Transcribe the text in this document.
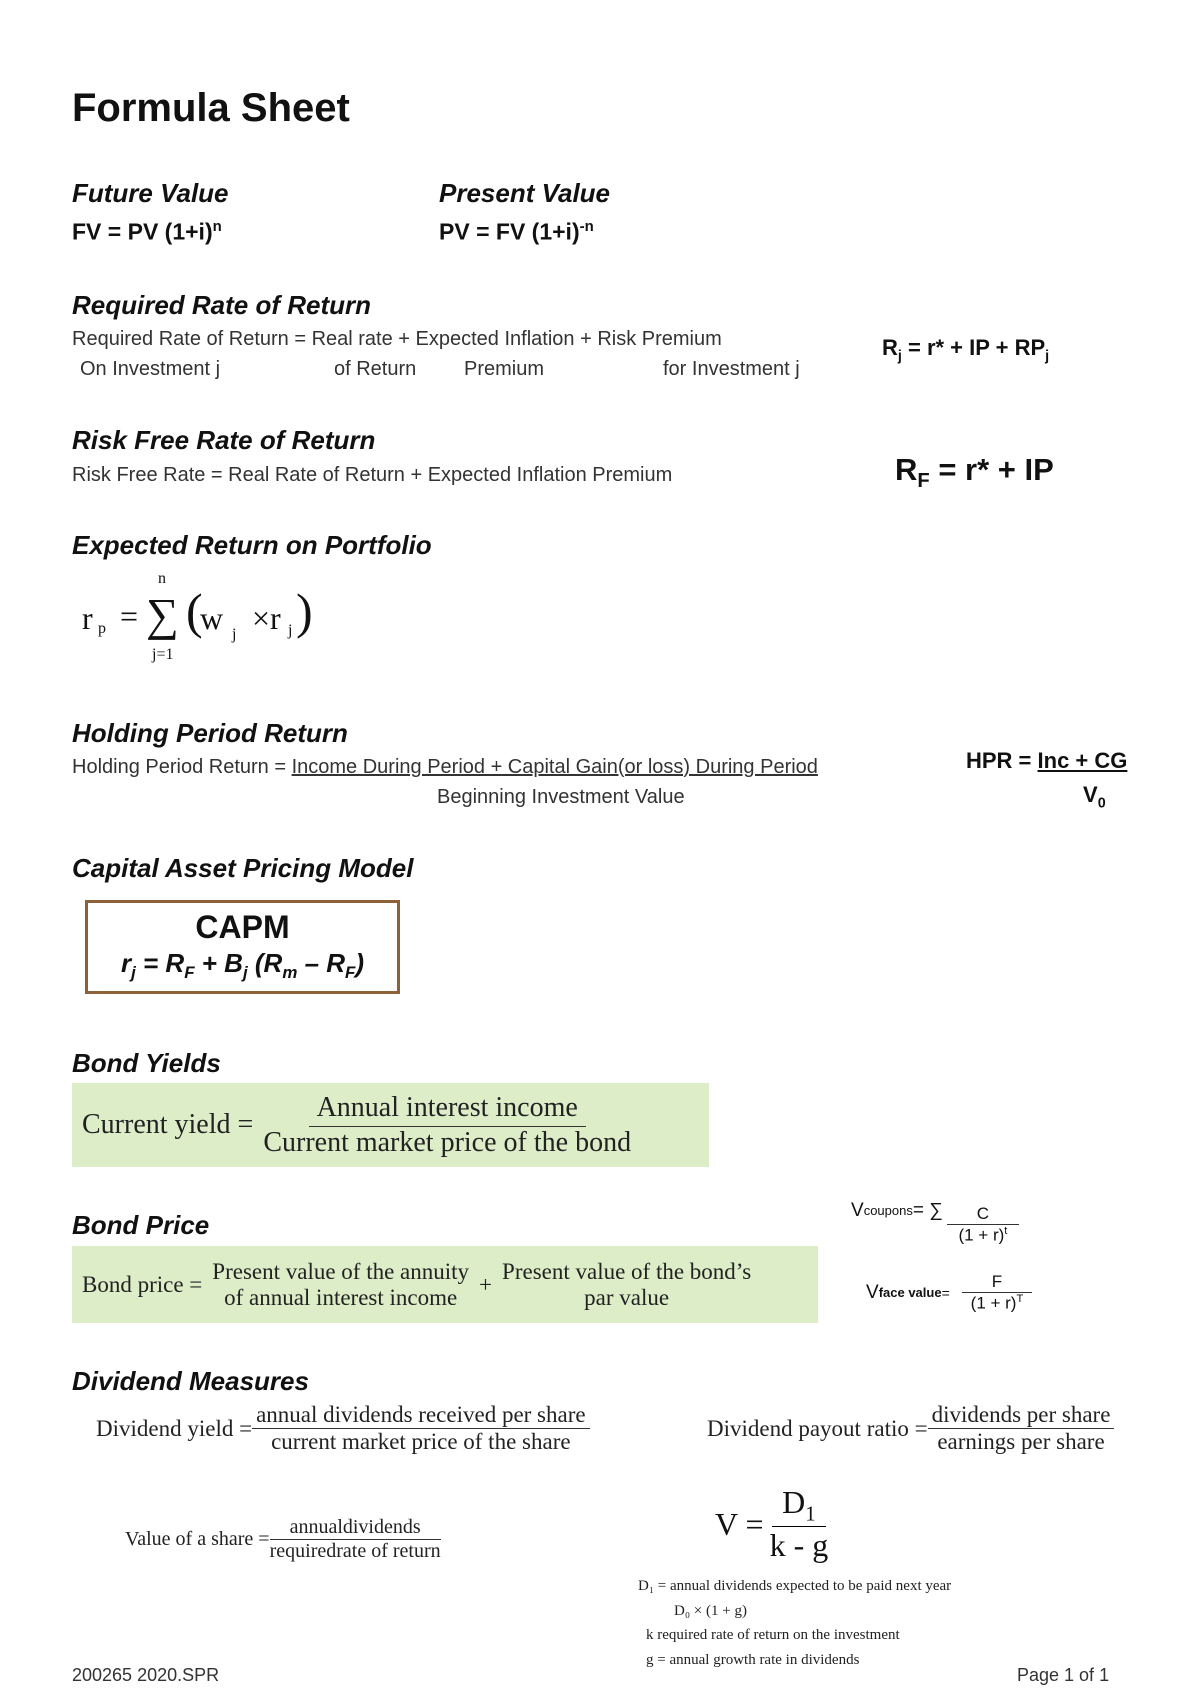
Formula Sheet
Future Value
FV = PV $(1+i)^n$
Present Value
PV = FV $(1+i)^{-n}$
Required Rate of Return
Required Rate of Return = Real rate + Expected Inflation + Risk Premium
On Investment j	of Return Premium	for Investment j
$R_j = r*$ + IP + $RP_j$
Risk Free Rate of Return
Risk Free Rate = Real Rate of Return + Expected Inflation Premium	$R_F = r*$ + IP
Expected Return on Portfolio
r p = ∑
n
j=1
(
w j ×r j )
Holding Period Return
Holding Period Return = Income During Period + Capital Gain(or loss) During Period
Beginning Investment Value
HPR = Inc + CG
$V_0$
Capital Asset Pricing Model
CAPM
$r_j = R_F + B_j$ $(R_m - R_F)$
Bond Yields
Current yield = $\frac{\text{Annual interest income}}{\text{Current market price of the bond}}$
Bond Price
Bond price =
Present value of the annuity
of annual interest income
+
Present value of the bond’s
par value
V coupons = ∑ $\frac{C}{(1 + r)^t}$
V face value = $\frac{F}{(1 + r)^T}$
Dividend Measures
Dividend yield = $\frac{\text{annual dividends received per share}}{\text{current market price of the share}}$	Dividend payout ratio = $\frac{\text{dividends per share}}{\text{earnings per share}}$
Value of a share = $\frac{\text{annualdividends}}{\text{requiredrate of return}}$	$V = \frac{D_1}{k - g}$
D₁ = annual dividends expected to be paid next year
D₀ × (1 + g)
k required rate of return on the investment
g = annual growth rate in dividends
200265 2020.SPR	Page 1 of 1
